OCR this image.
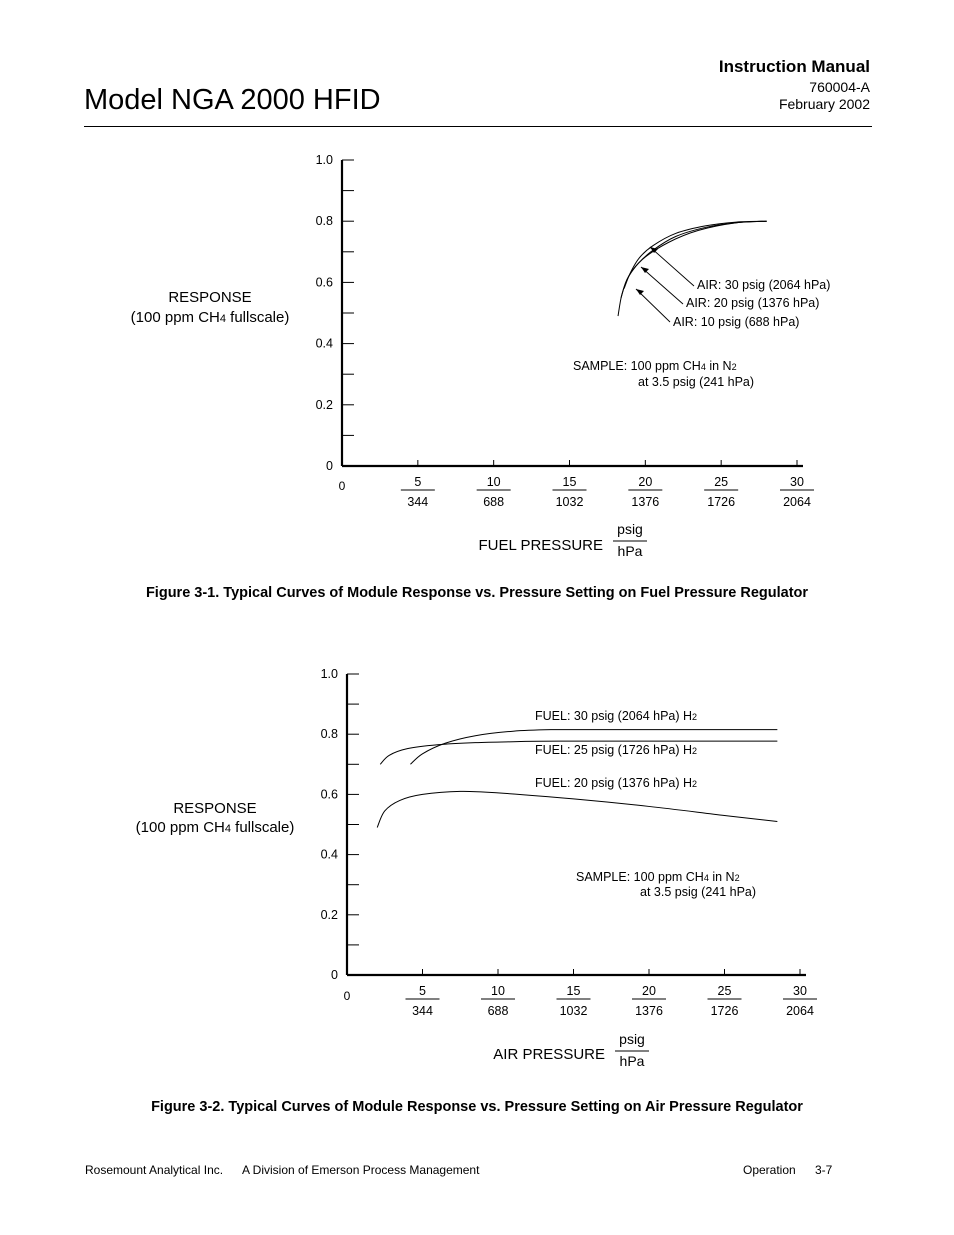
Model NGA 2000 HFID
Instruction Manual
760004-A
February 2002
0
0.2
0.4
0.6
0.8
1.0
5
344
10
688
15
1032
20
1376
25
1726
30
2064
RESPONSE
(100 ppm CH4 fullscale)
0
FUEL PRESSURE
psig
hPa
SAMPLE: 100 ppm CH4 in N2
at 3.5 psig (241 hPa)
AIR: 30 psig (2064 hPa)
AIR: 20 psig (1376 hPa)
AIR: 10 psig (688 hPa)
0
0.2
0.4
0.6
0.8
1.0
5
344
10
688
15
1032
20
1376
25
1726
30
2064
RESPONSE
(100 ppm CH4 fullscale)
0
AIR PRESSURE
psig
hPa
SAMPLE: 100 ppm CH4 in N2
at 3.5 psig (241 hPa)
FUEL: 30 psig (2064 hPa) H2
FUEL: 25 psig (1726 hPa) H2
FUEL: 20 psig (1376 hPa) H2
Figure 3-1. Typical Curves of Module Response vs. Pressure Setting on Fuel Pressure Regulator
Figure 3-2. Typical Curves of Module Response vs. Pressure Setting on Air Pressure Regulator
Rosemount Analytical Inc. A Division of Emerson Process Management	Operation 3-7
